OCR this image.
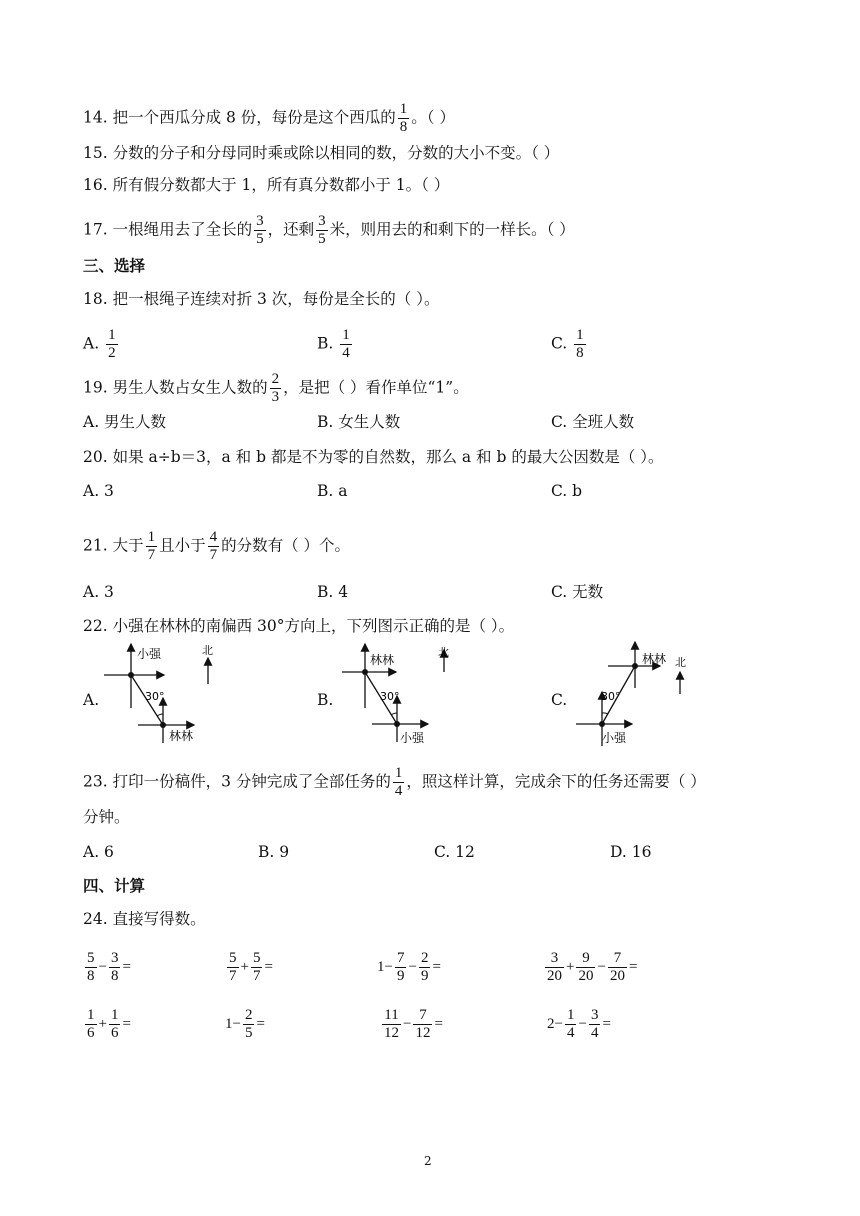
14. 把一个西瓜分成 8 份，每份是这个西瓜的 $\frac{1}{8}$ 。（ ）
15. 分数的分子和分母同时乘或除以相同的数，分数的大小不变。（ ）
16. 所有假分数都大于 1，所有真分数都小于 1。（ ）
17. 一根绳用去了全长的 $\frac{3}{5}$ ，还剩 $\frac{3}{5}$ 米，则用去的和剩下的一样长。（ ）
三、选择
18. 把一根绳子连续对折 3 次，每份是全长的（ ）。
A. $\frac{1}{2}$	B. $\frac{1}{4}$	C. $\frac{1}{8}$
19. 男生人数占女生人数的 $\frac{2}{3}$ ，是把（ ）看作单位“1”。
A. 男生人数	B. 女生人数	C. 全班人数
20. 如果 a÷b＝3，a 和 b 都是不为零的自然数，那么 a 和 b 的最大公因数是（ ）。
A. 3	B. a	C. b
21. 大于 $\frac{1}{7}$ 且小于 $\frac{4}{7}$ 的分数有（ ）个。
A. 3	B. 4	C. 无数
22. 小强在林林的南偏西 30°方向上，下列图示正确的是（ ）。
A.
小强
林林
北
30°	B.
林林
小强
北
30°	C.
林林
小强
北
30°
23. 打印一份稿件，3 分钟完成了全部任务的 $\frac{1}{4}$ ，照这样计算，完成余下的任务还需要（ ）
分钟。
A. 6	B. 9	C. 12	D. 16
四、计算
24. 直接写得数。
$\frac{5}{8} - \frac{3}{8}$ =	$\frac{5}{7} + \frac{5}{7}$ =	$1- \frac{7}{9} - \frac{2}{9}$ =	$\frac{3}{20} + \frac{9}{20} - \frac{7}{20}$ =
$\frac{1}{6} + \frac{1}{6}$ =	$1- \frac{2}{5}$ =	$\frac{11}{12} - \frac{7}{12}$ =	$2- \frac{1}{4} - \frac{3}{4}$ =
2
